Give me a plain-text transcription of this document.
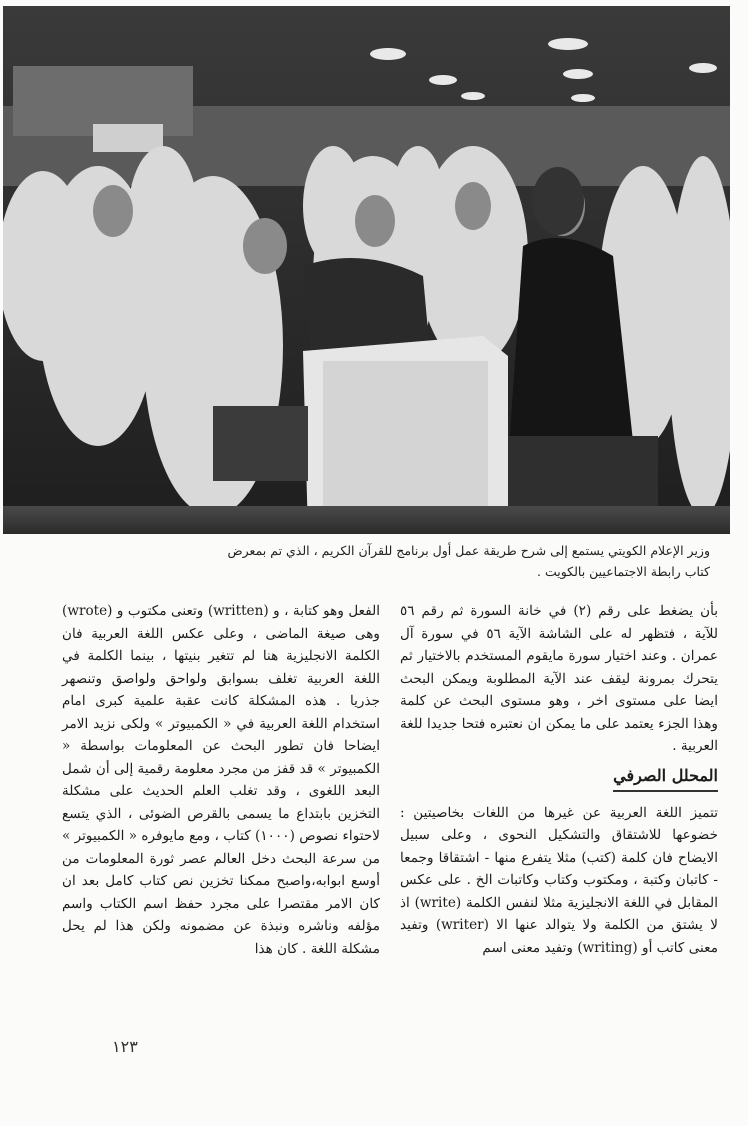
وزير الإعلام الكويتي يستمع إلى شرح طريقة عمل أول برنامج للقرآن الكريم ، الذي تم بمعرض

كتاب رابطة الاجتماعيين بالكويت .

بأن يضغط على رقم (٢) في خانة السورة ثم رقم ٥٦ للآية ، فتظهر له على الشاشة الآية ٥٦ في سورة آل عمران . وعند اختيار سورة مايقوم المستخدم بالاختيار ثم يتحرك بمرونة ليقف عند الآية المطلوبة ويمكن البحث ايضا على مستوى اخر ، وهو مستوى البحث عن كلمة وهذا الجزء يعتمد على ما يمكن ان نعتبره فتحا جديدا للغة العربية .

المحلل الصرفي

تتميز اللغة العربية عن غيرها من اللغات بخاصيتين : خضوعها للاشتقاق والتشكيل النحوى ، وعلى سبيل الايضاح فان كلمة (كتب) مثلا يتفرع منها - اشتقاقا وجمعا - كاتبان وكتبة ، ومكتوب وكتاب وكاتبات الخ . على عكس المقابل في اللغة الانجليزية مثلا لنفس الكلمة (write) اذ لا يشتق من الكلمة ولا يتوالد عنها الا (writer) وتفيد معنى كاتب أو (writing) وتفيد معنى اسم

الفعل وهو كتابة ، و (written) وتعنى مكتوب و (wrote) وهى صيغة الماضى ، وعلى عكس اللغة العربية فان الكلمة الانجليزية هنا لم تتغير بنيتها ، بينما الكلمة في اللغة العربية تغلف بسوابق ولواحق ولواصق وتنصهر جذريا . هذه المشكلة كانت عقبة علمية كبرى امام استخدام اللغة العربية في « الكمبيوتر » ولكى نزيد الامر ايضاحا فان تطور البحث عن المعلومات بواسطة « الكمبيوتر » قد قفز من مجرد معلومة رقمية إلى أن شمل البعد اللغوى ، وقد تغلب العلم الحديث على مشكلة التخزين بابتداع ما يسمى بالقرص الضوئى ، الذي يتسع لاحتواء نصوص (١٠٠٠) كتاب ، ومع مايوفره « الكمبيوتر » من سرعة البحث دخل العالم عصر ثورة المعلومات من أوسع ابوابه،واصبح ممكنا تخزين نص كتاب كامل بعد ان كان الامر مقتصرا على مجرد حفظ اسم الكتاب واسم مؤلفه وناشره ونبذة عن مضمونه ولكن هذا لم يحل مشكلة اللغة . كان هذا

١٢٣
